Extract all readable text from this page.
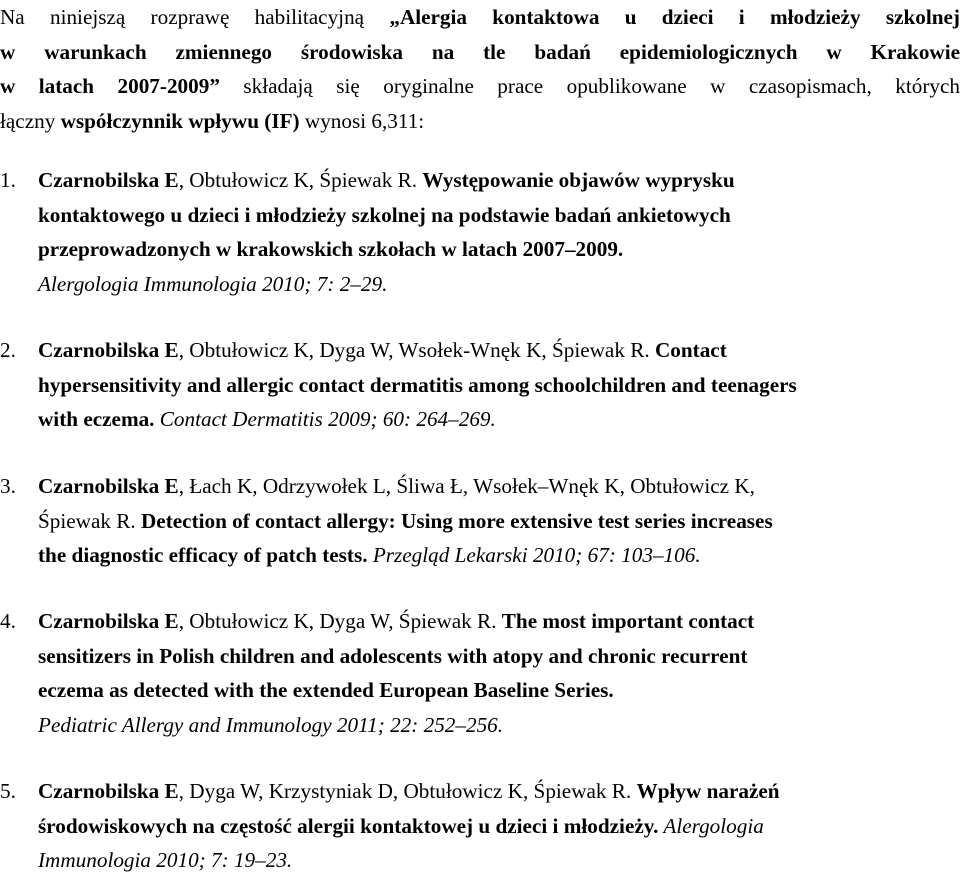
Na niniejszą rozprawę habilitacyjną „Alergia kontaktowa u dzieci i młodzieży szkolnej
w warunkach zmiennego środowiska na tle badań epidemiologicznych w Krakowie
w latach 2007-2009” składają się oryginalne prace opublikowane w czasopismach, których
łączny współczynnik wpływu (IF) wynosi 6,311:
1. Czarnobilska E, Obtułowicz K, Śpiewak R. Występowanie objawów wyprysku
kontaktowego u dzieci i młodzieży szkolnej na podstawie badań ankietowych
przeprowadzonych w krakowskich szkołach w latach 2007–2009.
Alergologia Immunologia 2010; 7: 2–29.
2. Czarnobilska E, Obtułowicz K, Dyga W, Wsołek-Wnęk K, Śpiewak R. Contact
hypersensitivity and allergic contact dermatitis among schoolchildren and teenagers
with eczema. Contact Dermatitis 2009; 60: 264–269.
3. Czarnobilska E, Łach K, Odrzywołek L, Śliwa Ł, Wsołek–Wnęk K, Obtułowicz K,
Śpiewak R. Detection of contact allergy: Using more extensive test series increases
the diagnostic efficacy of patch tests. Przegląd Lekarski 2010; 67: 103–106.
4. Czarnobilska E, Obtułowicz K, Dyga W, Śpiewak R. The most important contact
sensitizers in Polish children and adolescents with atopy and chronic recurrent
eczema as detected with the extended European Baseline Series.
Pediatric Allergy and Immunology 2011; 22: 252–256.
5. Czarnobilska E, Dyga W, Krzystyniak D, Obtułowicz K, Śpiewak R. Wpływ narażeń
środowiskowych na częstość alergii kontaktowej u dzieci i młodzieży. Alergologia
Immunologia 2010; 7: 19–23.
